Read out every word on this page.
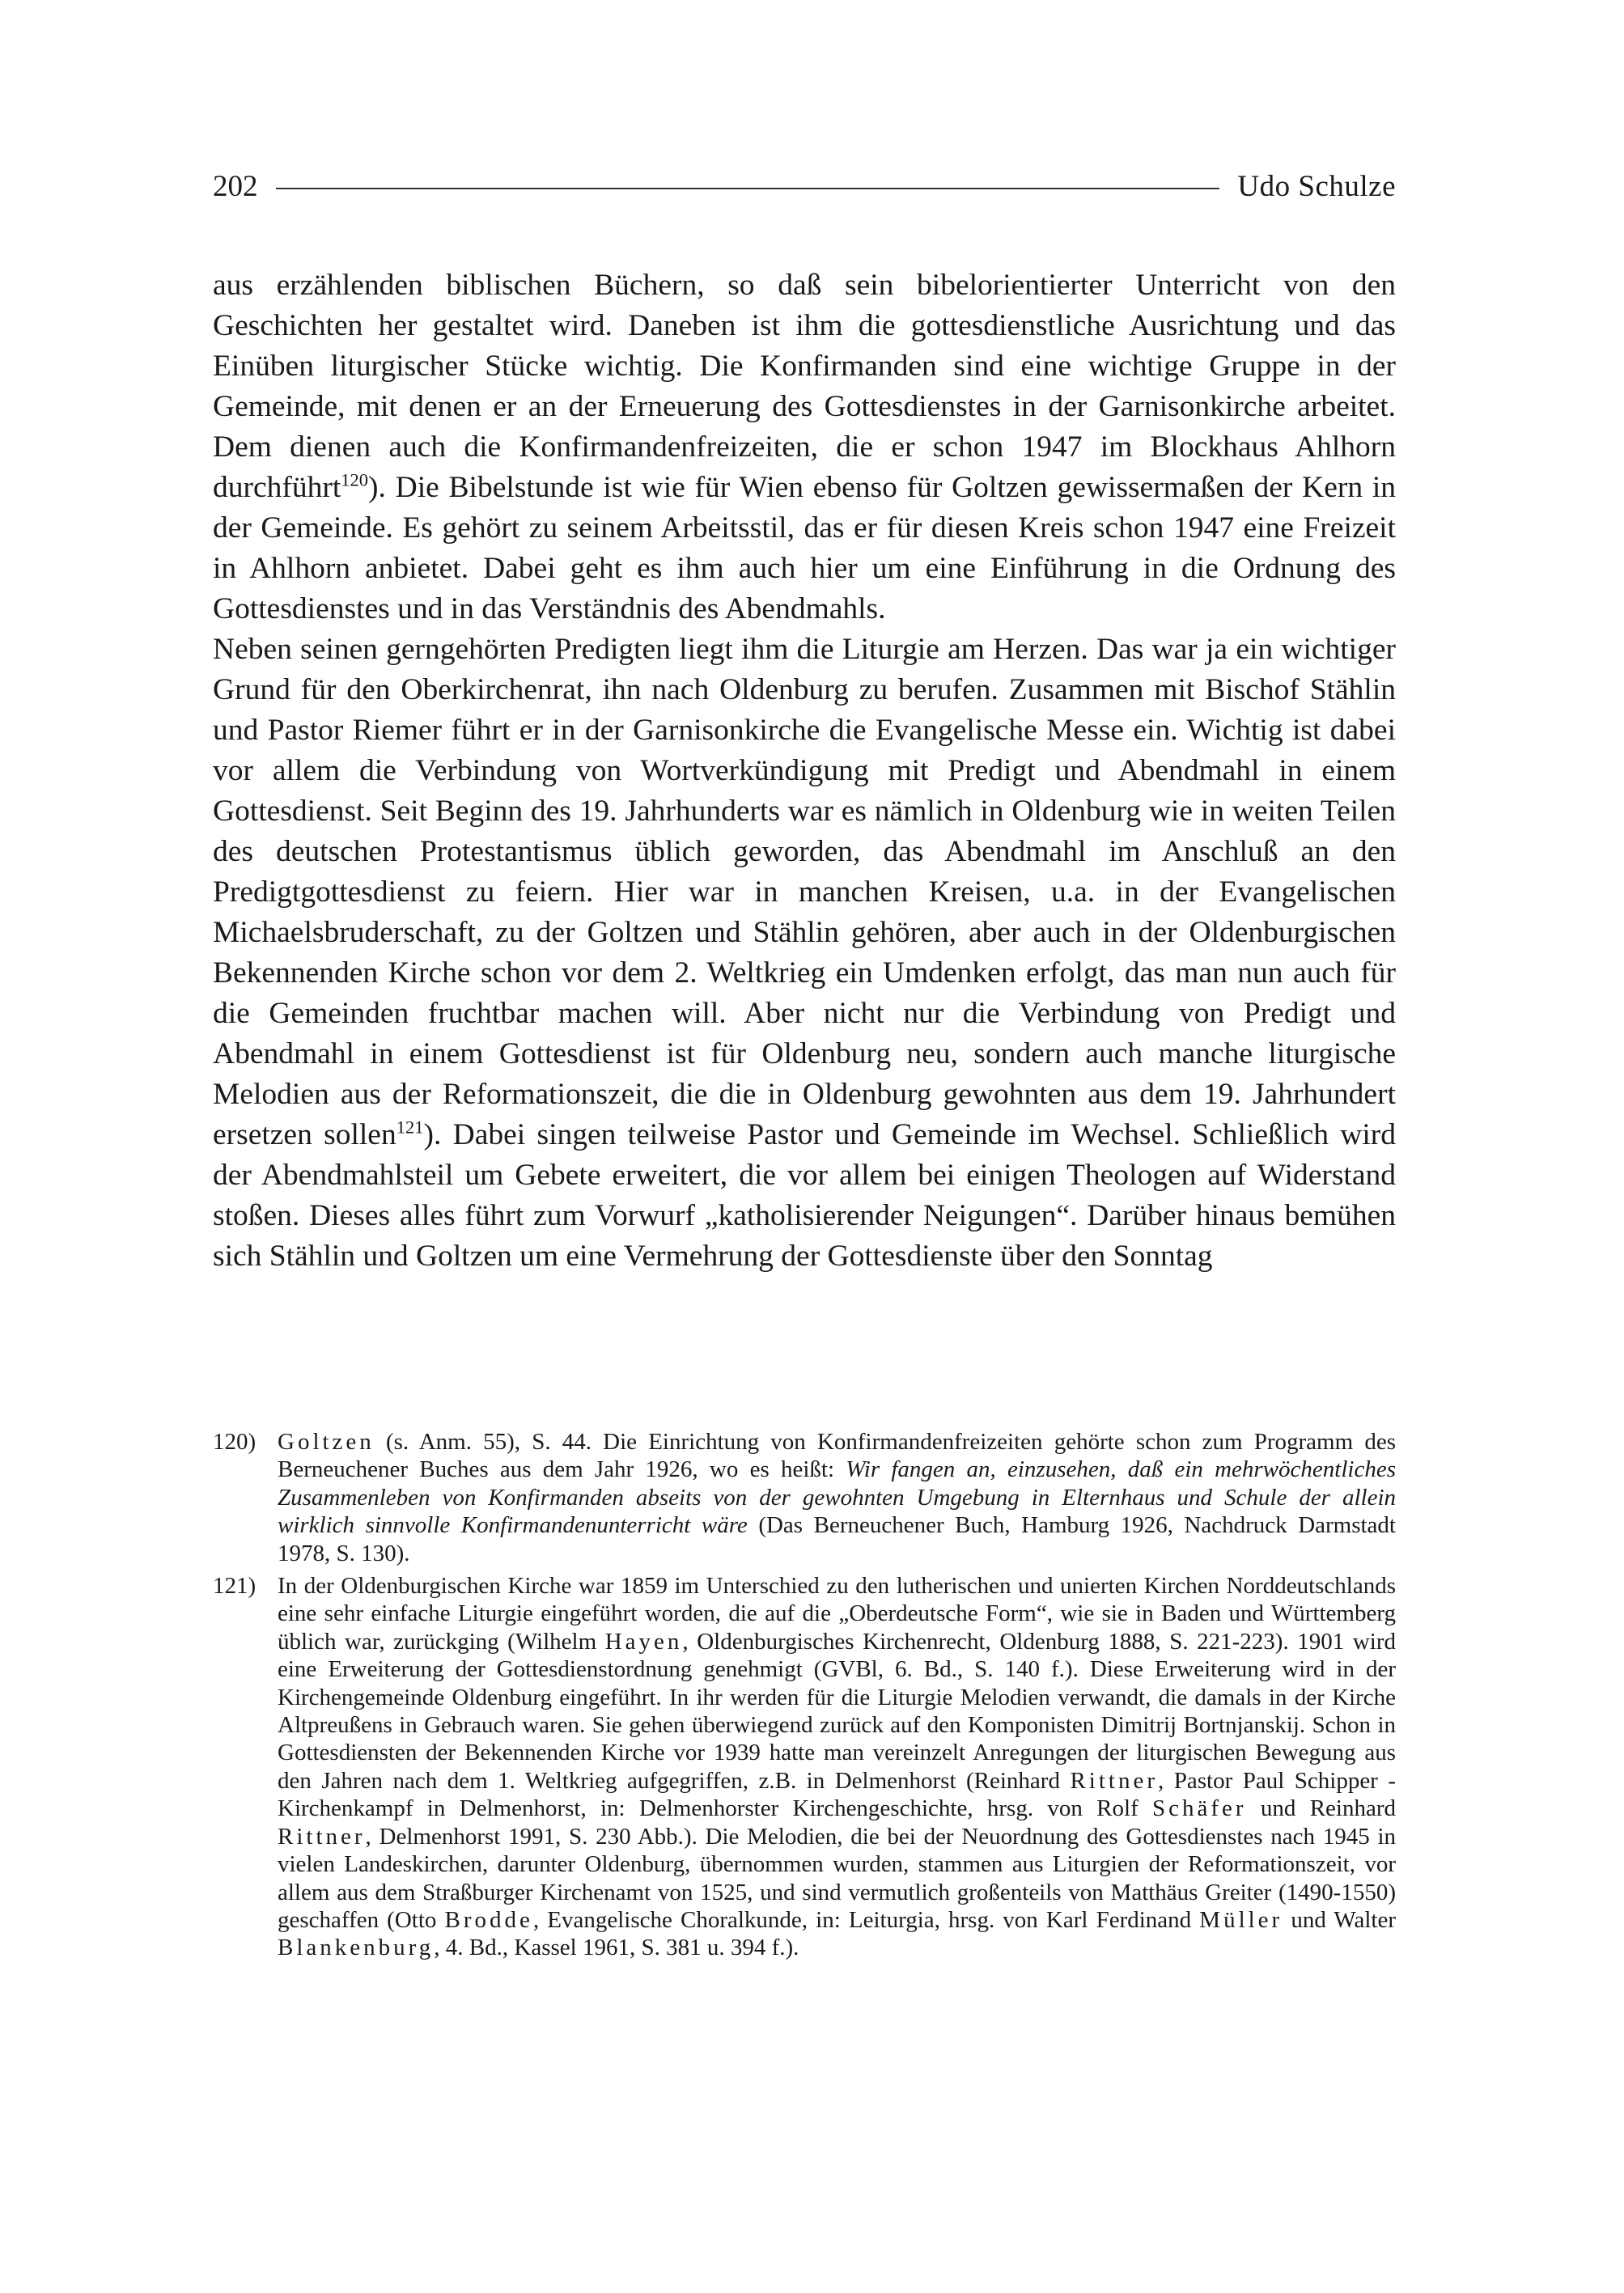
202	Udo Schulze

aus erzählenden biblischen Büchern, so daß sein bibelorientierter Unterricht von den Geschichten her gestaltet wird. Daneben ist ihm die gottesdienstliche Ausrichtung und das Einüben liturgischer Stücke wichtig. Die Konfirmanden sind eine wichtige Gruppe in der Gemeinde, mit denen er an der Erneuerung des Gottesdienstes in der Garnisonkirche arbeitet. Dem dienen auch die Konfirmandenfreizeiten, die er schon 1947 im Blockhaus Ahlhorn durchführt$^{120}$). Die Bibelstunde ist wie für Wien ebenso für Goltzen gewissermaßen der Kern in der Gemeinde. Es gehört zu seinem Arbeitsstil, das er für diesen Kreis schon 1947 eine Freizeit in Ahlhorn anbietet. Dabei geht es ihm auch hier um eine Einführung in die Ordnung des Gottesdienstes und in das Verständnis des Abendmahls.

Neben seinen gerngehörten Predigten liegt ihm die Liturgie am Herzen. Das war ja ein wichtiger Grund für den Oberkirchenrat, ihn nach Oldenburg zu berufen. Zusammen mit Bischof Stählin und Pastor Riemer führt er in der Garnisonkirche die Evangelische Messe ein. Wichtig ist dabei vor allem die Verbindung von Wortverkündigung mit Predigt und Abendmahl in einem Gottesdienst. Seit Beginn des 19. Jahrhunderts war es nämlich in Oldenburg wie in weiten Teilen des deutschen Protestantismus üblich geworden, das Abendmahl im Anschluß an den Predigtgottesdienst zu feiern. Hier war in manchen Kreisen, u.a. in der Evangelischen Michaelsbruderschaft, zu der Goltzen und Stählin gehören, aber auch in der Oldenburgischen Bekennenden Kirche schon vor dem 2. Weltkrieg ein Umdenken erfolgt, das man nun auch für die Gemeinden fruchtbar machen will. Aber nicht nur die Verbindung von Predigt und Abendmahl in einem Gottesdienst ist für Oldenburg neu, sondern auch manche liturgische Melodien aus der Reformationszeit, die die in Oldenburg gewohnten aus dem 19. Jahrhundert ersetzen sollen$^{121}$). Dabei singen teilweise Pastor und Gemeinde im Wechsel. Schließlich wird der Abendmahlsteil um Gebete erweitert, die vor allem bei einigen Theologen auf Widerstand stoßen. Dieses alles führt zum Vorwurf „katholisierender Neigungen“. Darüber hinaus bemühen sich Stählin und Goltzen um eine Vermehrung der Gottesdienste über den Sonntag

120) Goltzen (s. Anm. 55), S. 44. Die Einrichtung von Konfirmandenfreizeiten gehörte schon zum Programm des Berneuchener Buches aus dem Jahr 1926, wo es heißt: Wir fangen an, einzusehen, daß ein mehrwöchentliches Zusammenleben von Konfirmanden abseits von der gewohnten Umgebung in Elternhaus und Schule der allein wirklich sinnvolle Konfirmandenunterricht wäre (Das Berneuchener Buch, Hamburg 1926, Nachdruck Darmstadt 1978, S. 130).
121) In der Oldenburgischen Kirche war 1859 im Unterschied zu den lutherischen und unierten Kirchen Norddeutschlands eine sehr einfache Liturgie eingeführt worden, die auf die „Oberdeutsche Form“, wie sie in Baden und Württemberg üblich war, zurückging (Wilhelm Hayen, Oldenburgisches Kirchenrecht, Oldenburg 1888, S. 221-223). 1901 wird eine Erweiterung der Gottesdienstordnung genehmigt (GVBl, 6. Bd., S. 140 f.). Diese Erweiterung wird in der Kirchengemeinde Oldenburg eingeführt. In ihr werden für die Liturgie Melodien verwandt, die damals in der Kirche Altpreußens in Gebrauch waren. Sie gehen überwiegend zurück auf den Komponisten Dimitrij Bortnjanskij. Schon in Gottesdiensten der Bekennenden Kirche vor 1939 hatte man vereinzelt Anregungen der liturgischen Bewegung aus den Jahren nach dem 1. Weltkrieg aufgegriffen, z.B. in Delmenhorst (Reinhard Rittner, Pastor Paul Schipper - Kirchenkampf in Delmenhorst, in: Delmenhorster Kirchengeschichte, hrsg. von Rolf Schäfer und Reinhard Rittner, Delmenhorst 1991, S. 230 Abb.). Die Melodien, die bei der Neuordnung des Gottesdienstes nach 1945 in vielen Landeskirchen, darunter Oldenburg, übernommen wurden, stammen aus Liturgien der Reformationszeit, vor allem aus dem Straßburger Kirchenamt von 1525, und sind vermutlich großenteils von Matthäus Greiter (1490-1550) geschaffen (Otto Brodde, Evangelische Choralkunde, in: Leiturgia, hrsg. von Karl Ferdinand Müller und Walter Blankenburg, 4. Bd., Kassel 1961, S. 381 u. 394 f.).
